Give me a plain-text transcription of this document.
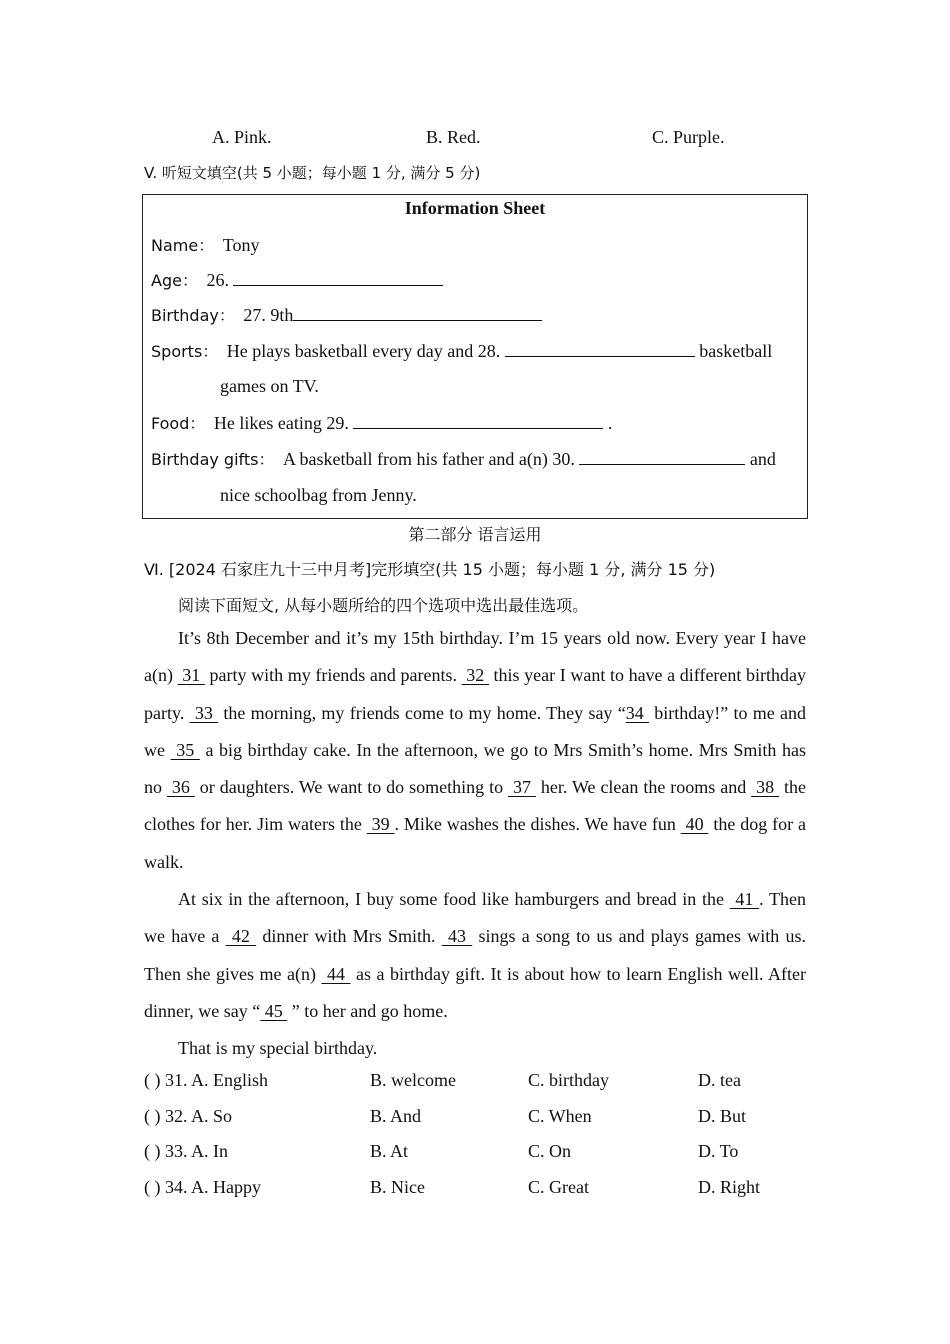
A. Pink.	B. Red.	C. Purple.
V. 听短文填空(共 5 小题；每小题 1 分, 满分 5 分)
Information Sheet
Name： Tony
Age： 26.
Birthday： 27. 9th
Sports： He plays basketball every day and 28.	basketball
games on TV.
Food： He likes eating 29.	.
Birthday gifts： A basketball from his father and a(n) 30.	and
nice schoolbag from Jenny.
第二部分 语言运用
Ⅵ. [2024 石家庄九十三中月考]完形填空(共 15 小题；每小题 1 分, 满分 15 分)
阅读下面短文, 从每小题所给的四个选项中选出最佳选项。

It’s 8th December and it’s my 15th birthday. I’m 15 years old now. Every year I have a(n)  31  party with my friends and parents.  32  this year I want to have a different birthday party.  33  the morning, my friends come to my home. They say “34  birthday!” to me and we  35  a big birthday cake. In the afternoon, we go to Mrs Smith’s home. Mrs Smith has no  36  or daughters. We want to do something to  37  her. We clean the rooms and  38  the clothes for her. Jim waters the  39 . Mike washes the dishes. We have fun  40  the dog for a walk.

At six in the afternoon, I buy some food like hamburgers and bread in the  41 . Then we have a  42  dinner with Mrs Smith.  43  sings a song to us and plays games with us. Then she gives me a(n)  44  as a birthday gift. It is about how to learn English well. After dinner, we say “ 45  ” to her and go home.

That is my special birthday.

( ) 31. A. English	B. welcome	C. birthday	D. tea
( ) 32. A. So	B. And	C. When	D. But
( ) 33. A. In	B. At	C. On	D. To
( ) 34. A. Happy	B. Nice	C. Great	D. Right
